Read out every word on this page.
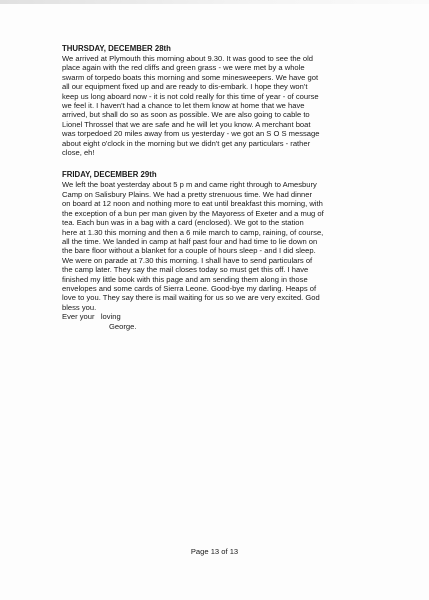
THURSDAY, DECEMBER 28th
We arrived at Plymouth this morning about 9.30. It was good to see the old
place again with the red cliffs and green grass - we were met by a whole
swarm of torpedo boats this morning and some minesweepers. We have got
all our equipment fixed up and are ready to dis-embark. I hope they won't
keep us long aboard now - it is not cold really for this time of year - of course
we feel it. I haven't had a chance to let them know at home that we have
arrived, but shall do so as soon as possible. We are also going to cable to
Lionel Throssel that we are safe and he will let you know. A merchant boat
was torpedoed 20 miles away from us yesterday - we got an S O S message
about eight o'clock in the morning but we didn't get any particulars - rather
close, eh!
FRIDAY, DECEMBER 29th
We left the boat yesterday about 5 p m and came right through to Amesbury
Camp on Salisbury Plains. We had a pretty strenuous time. We had dinner
on board at 12 noon and nothing more to eat until breakfast this morning, with
the exception of a bun per man given by the Mayoress of Exeter and a mug of
tea. Each bun was in a bag with a card (enclosed). We got to the station
here at 1.30 this morning and then a 6 mile march to camp, raining, of course,
all the time. We landed in camp at half past four and had time to lie down on
the bare floor without a blanket for a couple of hours sleep - and I did sleep.
We were on parade at 7.30 this morning. I shall have to send particulars of
the camp later. They say the mail closes today so must get this off. I have
finished my little book with this page and am sending them along in those
envelopes and some cards of Sierra Leone. Good-bye my darling. Heaps of
love to you. They say there is mail waiting for us so we are very excited. God
bless you.
Ever your   loving
George.
Page 13 of 13
